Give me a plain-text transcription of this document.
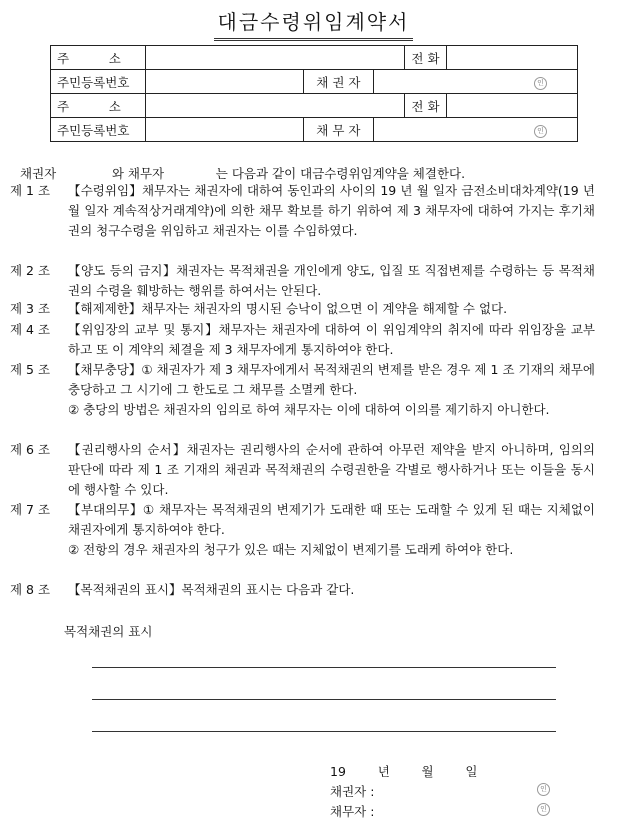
대금수령위임계약서
주          소				전 화	
주민등록번호		채 권 자	인		
주          소				전 화	
주민등록번호		채 무 자	인		
채권자              와 채무자             는 다음과 같이 대금수령위임계약을 체결한다.
제 1 조 【수령위임】채무자는 채권자에 대하여 동인과의 사이의 19 년 월 일자 금전소비대차계약(19 년 월 일자 계속적상거래계약)에 의한 채무 확보를 하기 위하여 제 3 채무자에 대하여 가지는 후기채권의 청구수령을 위임하고 채권자는 이를 수임하였다.
제 2 조 【양도 등의 금지】채권자는 목적채권을 개인에게 양도, 입질 또 직접변제를 수령하는 등 목적채권의 수령을 훼방하는 행위를 하여서는 안된다.
제 3 조 【해제제한】채무자는 채권자의 명시된 승낙이 없으면 이 계약을 해제할 수 없다.
제 4 조 【위임장의 교부 및 통지】채무자는 채권자에 대하여 이 위임계약의 취지에 따라 위임장을 교부하고 또 이 계약의 체결을 제 3 채무자에게 통지하여야 한다.
제 5 조 【채무충당】① 채권자가 제 3 채무자에게서 목적채권의 변제를 받은 경우 제 1 조 기재의 채무에 충당하고 그 시기에 그 한도로 그 채무를 소멸케 한다.
② 충당의 방법은 채권자의 임의로 하여 채무자는 이에 대하여 이의를 제기하지 아니한다.
제 6 조 【권리행사의 순서】채권자는 권리행사의 순서에 관하여 아무런 제약을 받지 아니하며, 임의의 판단에 따라 제 1 조 기재의 채권과 목적채권의 수령권한을 각별로 행사하거나 또는 이들을 동시에 행사할 수 있다.
제 7 조 【부대의무】① 채무자는 목적채권의 변제기가 도래한 때 또는 도래할 수 있게 된 때는 지체없이 채권자에게 통지하여야 한다.
② 전항의 경우 채권자의 청구가 있은 때는 지체없이 변제기를 도래케 하여야 한다.
제 8 조 【목적채권의 표시】목적채권의 표시는 다음과 같다.
목적채권의 표시
19        년        월        일
채권자 :	인
채무자 :	인
